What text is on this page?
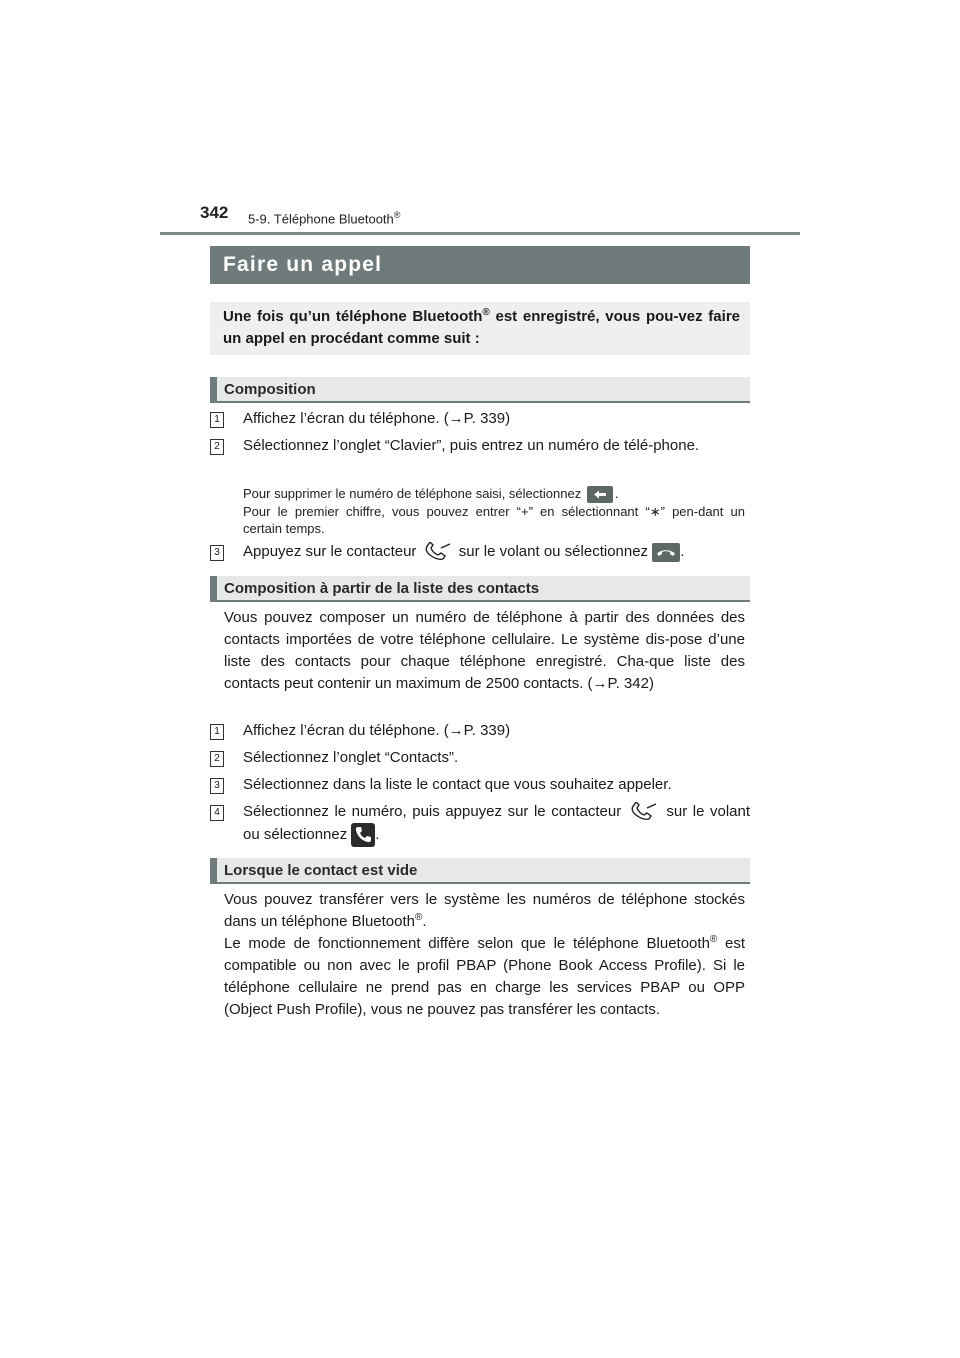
342 5-9. Téléphone Bluetooth®
Faire un appel
Une fois qu’un téléphone Bluetooth® est enregistré, vous pou-vez faire un appel en procédant comme suit :
Composition
1 Affichez l’écran du téléphone. (→P. 339)
2 Sélectionnez l’onglet “Clavier”, puis entrez un numéro de télé-phone.
Pour supprimer le numéro de téléphone saisi, sélectionnez	.
Pour le premier chiffre, vous pouvez entrer “+” en sélectionnant “∗” pen-dant un certain temps.
3 Appuyez sur le contacteur	sur le volant ou sélectionnez .
Composition à partir de la liste des contacts
Vous pouvez composer un numéro de téléphone à partir des données des contacts importées de votre téléphone cellulaire. Le système dis-pose d’une liste des contacts pour chaque téléphone enregistré. Cha-que liste des contacts peut contenir un maximum de 2500 contacts. (→P. 342)
1 Affichez l’écran du téléphone. (→P. 339)
2 Sélectionnez l’onglet “Contacts”.
3 Sélectionnez dans la liste le contact que vous souhaitez appeler.
4 Sélectionnez le numéro, puis appuyez sur le contacteur	sur le volant ou sélectionnez .
Lorsque le contact est vide
Vous pouvez transférer vers le système les numéros de téléphone stockés dans un téléphone Bluetooth®.
Le mode de fonctionnement diffère selon que le téléphone Bluetooth® est compatible ou non avec le profil PBAP (Phone Book Access Profile). Si le téléphone cellulaire ne prend pas en charge les services PBAP ou OPP (Object Push Profile), vous ne pouvez pas transférer les contacts.
